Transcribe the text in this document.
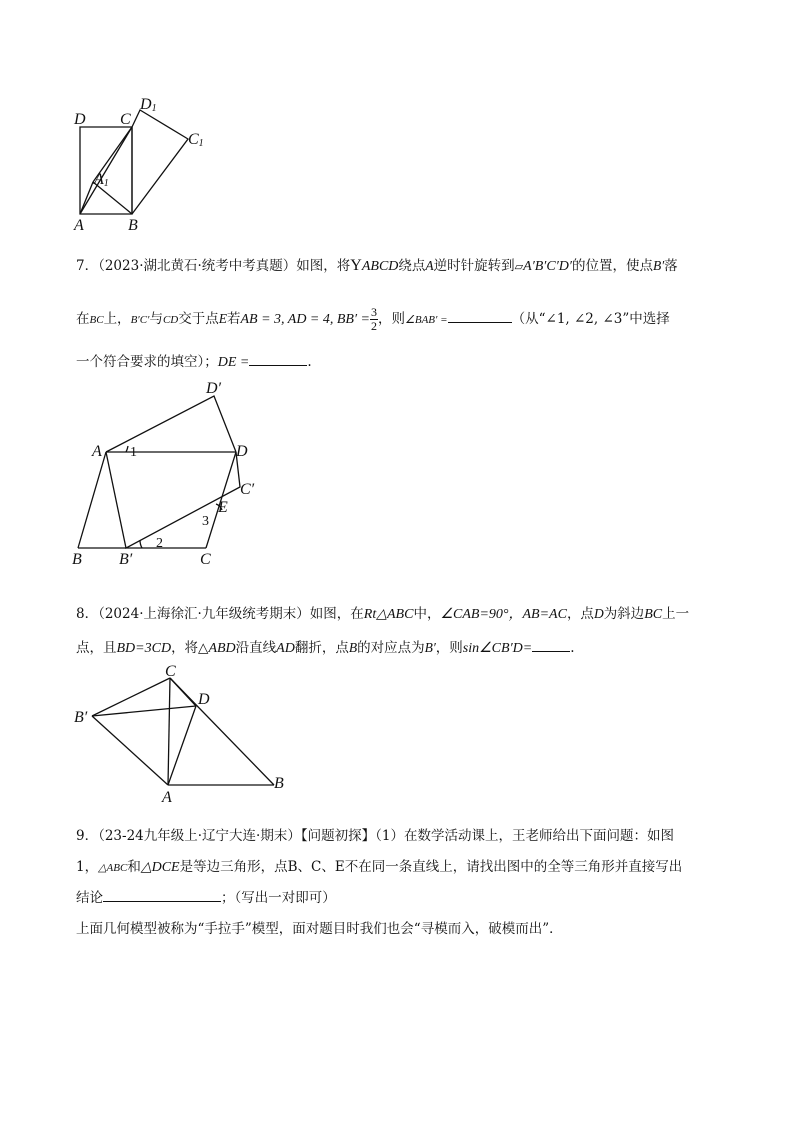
D C
D1
C1
A1
A	B
7．（2023·湖北黄石·统考中考真题）如图，将YABCD绕点A逆时针旋转到▱A′B′C′D′的位置，使点B′落
在BC上，B′C′与CD交于点E若AB = 3, AD = 4, $BB' = \frac{3}{2}$ ，则∠BAB′ =	（从“∠1, ∠2, ∠3”中选择
一个符合要求的填空）；DE =	.
D′
A 1	D
C′
E
3
2
B B′	C
8．（2024·上海徐汇·九年级统考期末）如图，在Rt△ABC中，∠CAB=90°，AB=AC，点D为斜边BC上一
点，且BD=3CD，将△ABD沿直线AD翻折，点B的对应点为B′，则sin∠CB′D=	.
C
D
B′
A
B
9．（23-24九年级上·辽宁大连·期末）【问题初探】（1）在数学活动课上，王老师给出下面问题：如图
1，△ABC和△DCE是等边三角形，点B、C、E不在同一条直线上，请找出图中的全等三角形并直接写出
结论	；（写出一对即可）
上面几何模型被称为“手拉手”模型，面对题目时我们也会“寻模而入，破模而出”．
